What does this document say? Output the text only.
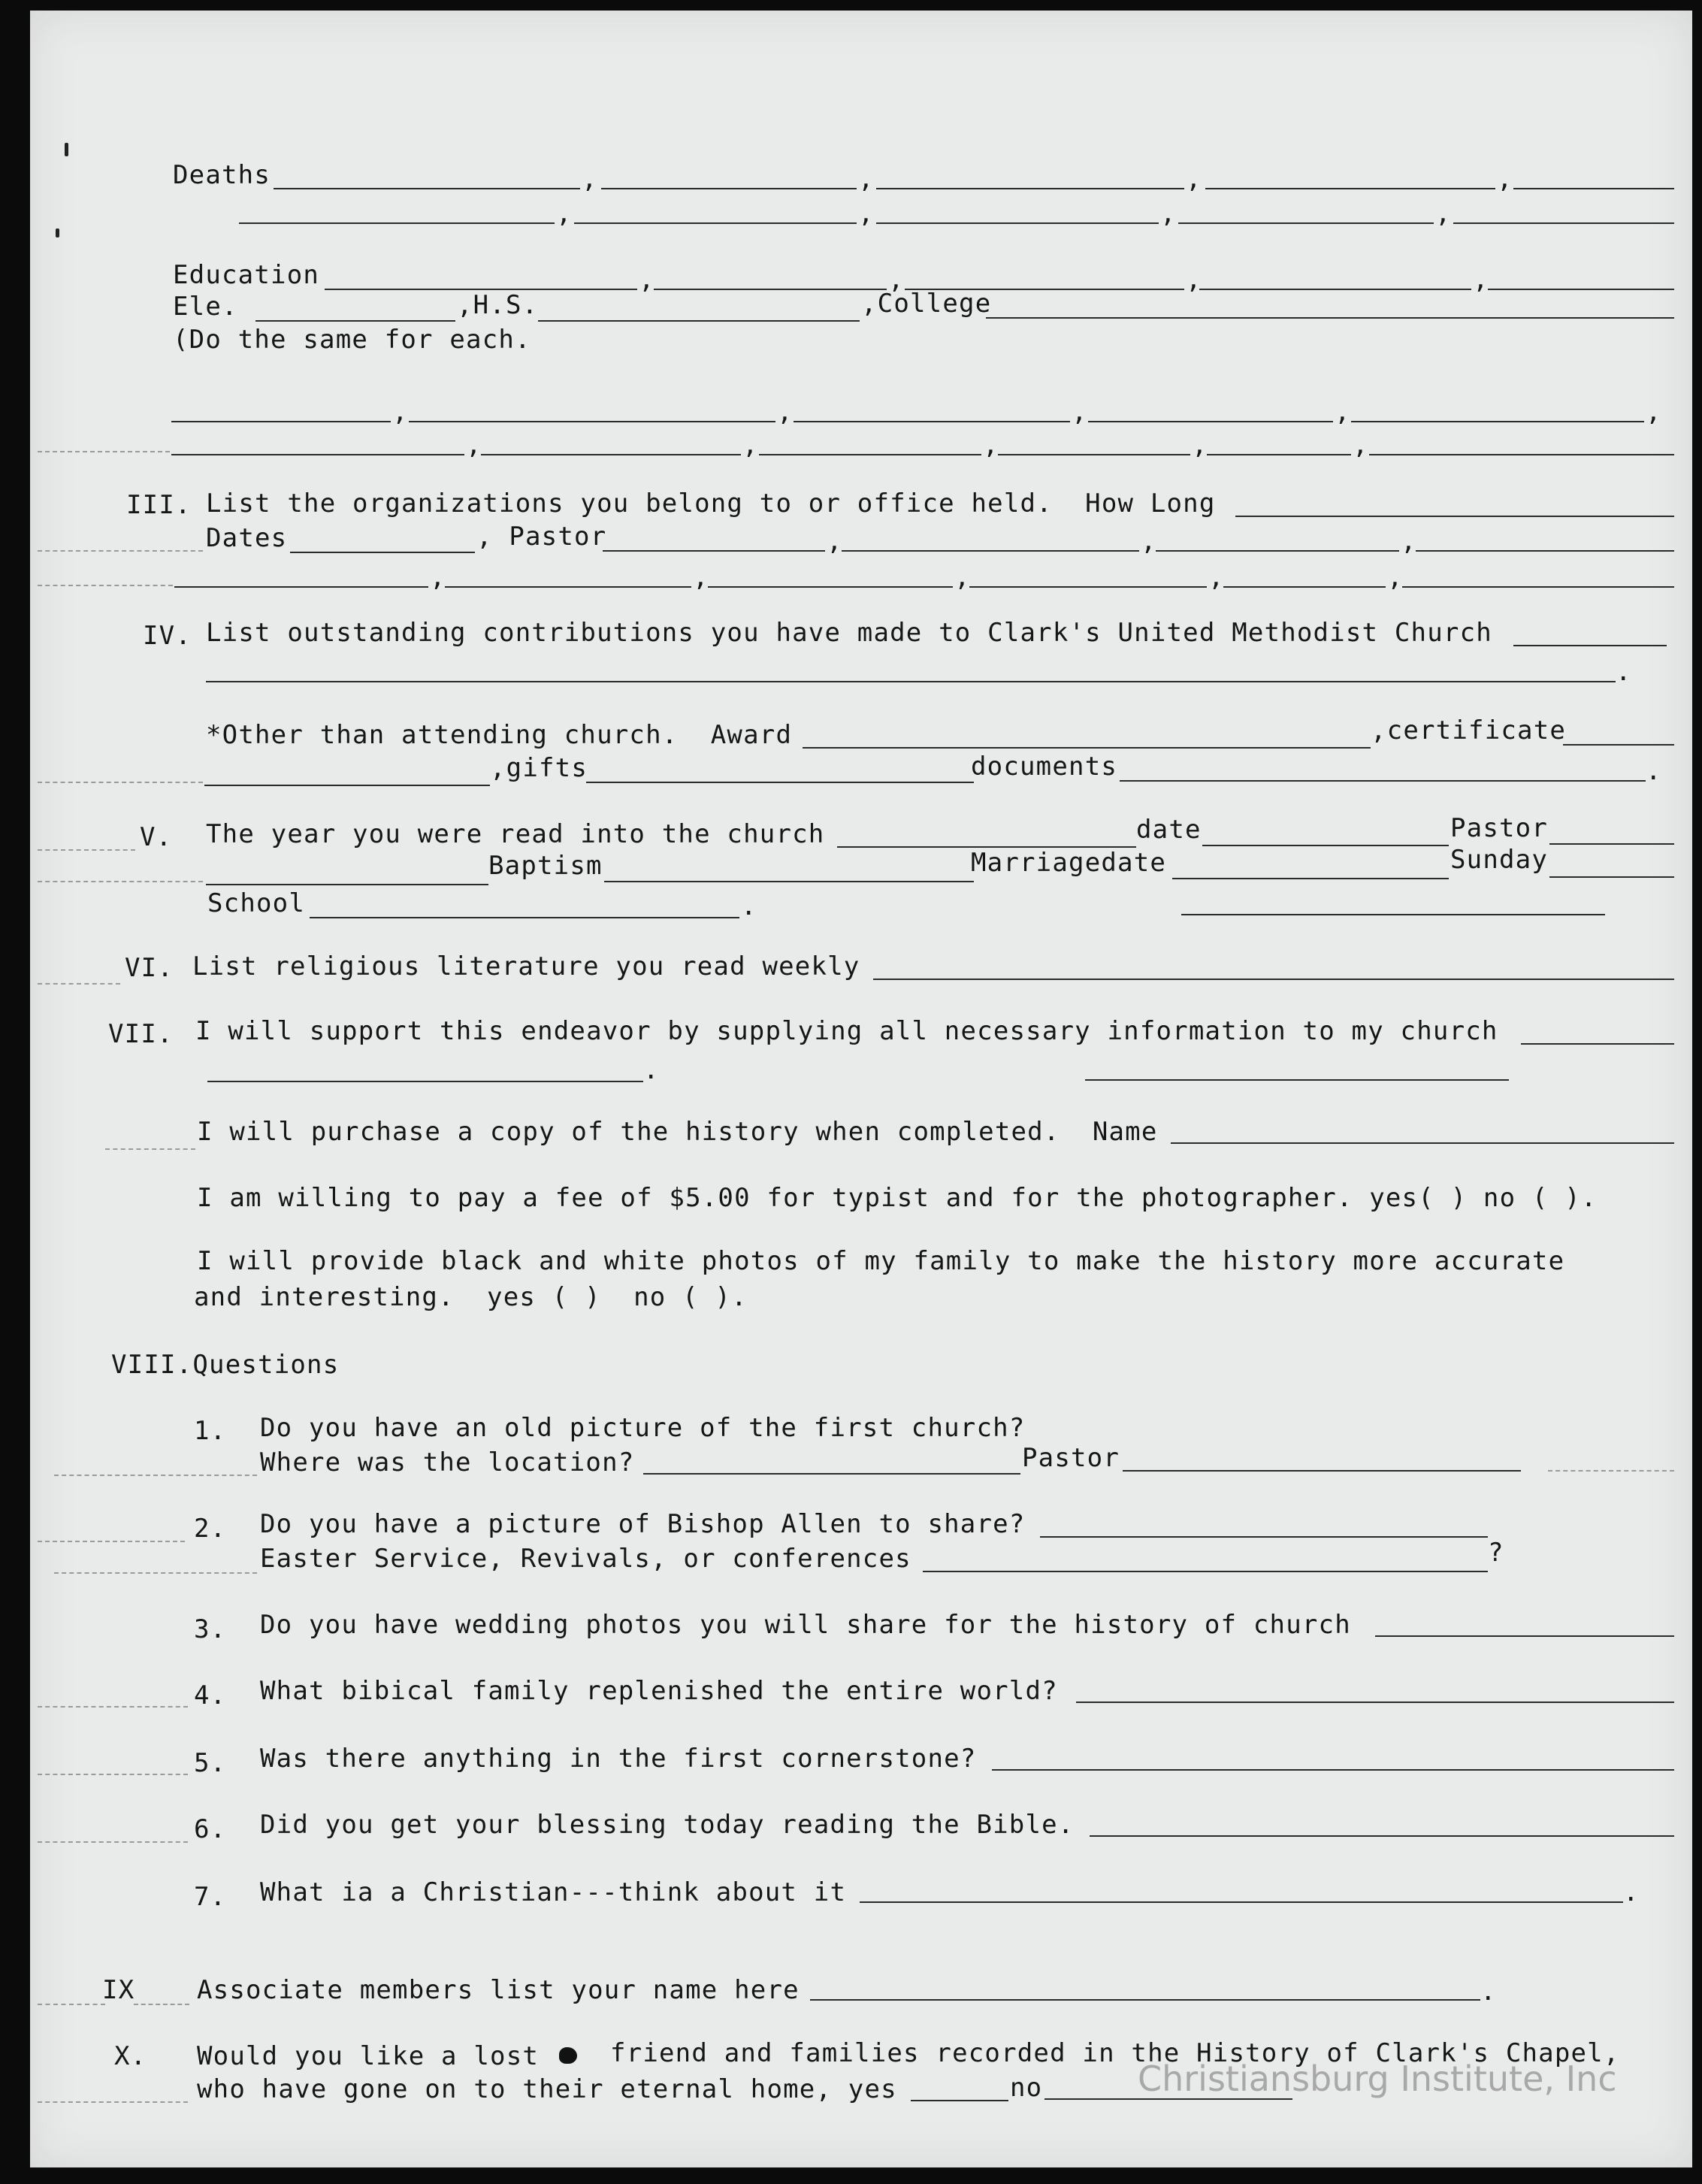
Deaths	,	,	,	,
,	,	,	,
Education	,	,	,	,
Ele.	,H.S.	,College
(Do the same for each.
,	,	,	,	,
,	,	,	,	,
III. List the organizations you belong to or office held.  How Long
Dates	, Pastor	,	,	,
,	,	,	,	,
IV. List outstanding contributions you have made to Clark's United Methodist Church
.
*Other than attending church.  Award	,certificate
,gifts	documents	.
V. The year you were read into the church	date	Pastor
Baptism	Marriagedate	Sunday
School	.
VI. List religious literature you read weekly
VII. I will support this endeavor by supplying all necessary information to my church
.
I will purchase a copy of the history when completed.  Name
I am willing to pay a fee of $5.00 for typist and for the photographer. yes( ) no ( ).
I will provide black and white photos of my family to make the history more accurate
and interesting.  yes ( )  no ( ).
VIII.Questions
1. Do you have an old picture of the first church?
Where was the location?	Pastor
2. Do you have a picture of Bishop Allen to share?
Easter Service, Revivals, or conferences	?
3. Do you have wedding photos you will share for the history of church
4. What bibical family replenished the entire world?
5. Was there anything in the first cornerstone?
6. Did you get your blessing today reading the Bible.
7. What ia a Christian---think about it	.
IX Associate members list your name here	.
X. Would you like a lost	friend and families recorded in the History of Clark's Chapel,
who have gone on to their eternal home, yes	no	Christiansburg Institute, Inc
